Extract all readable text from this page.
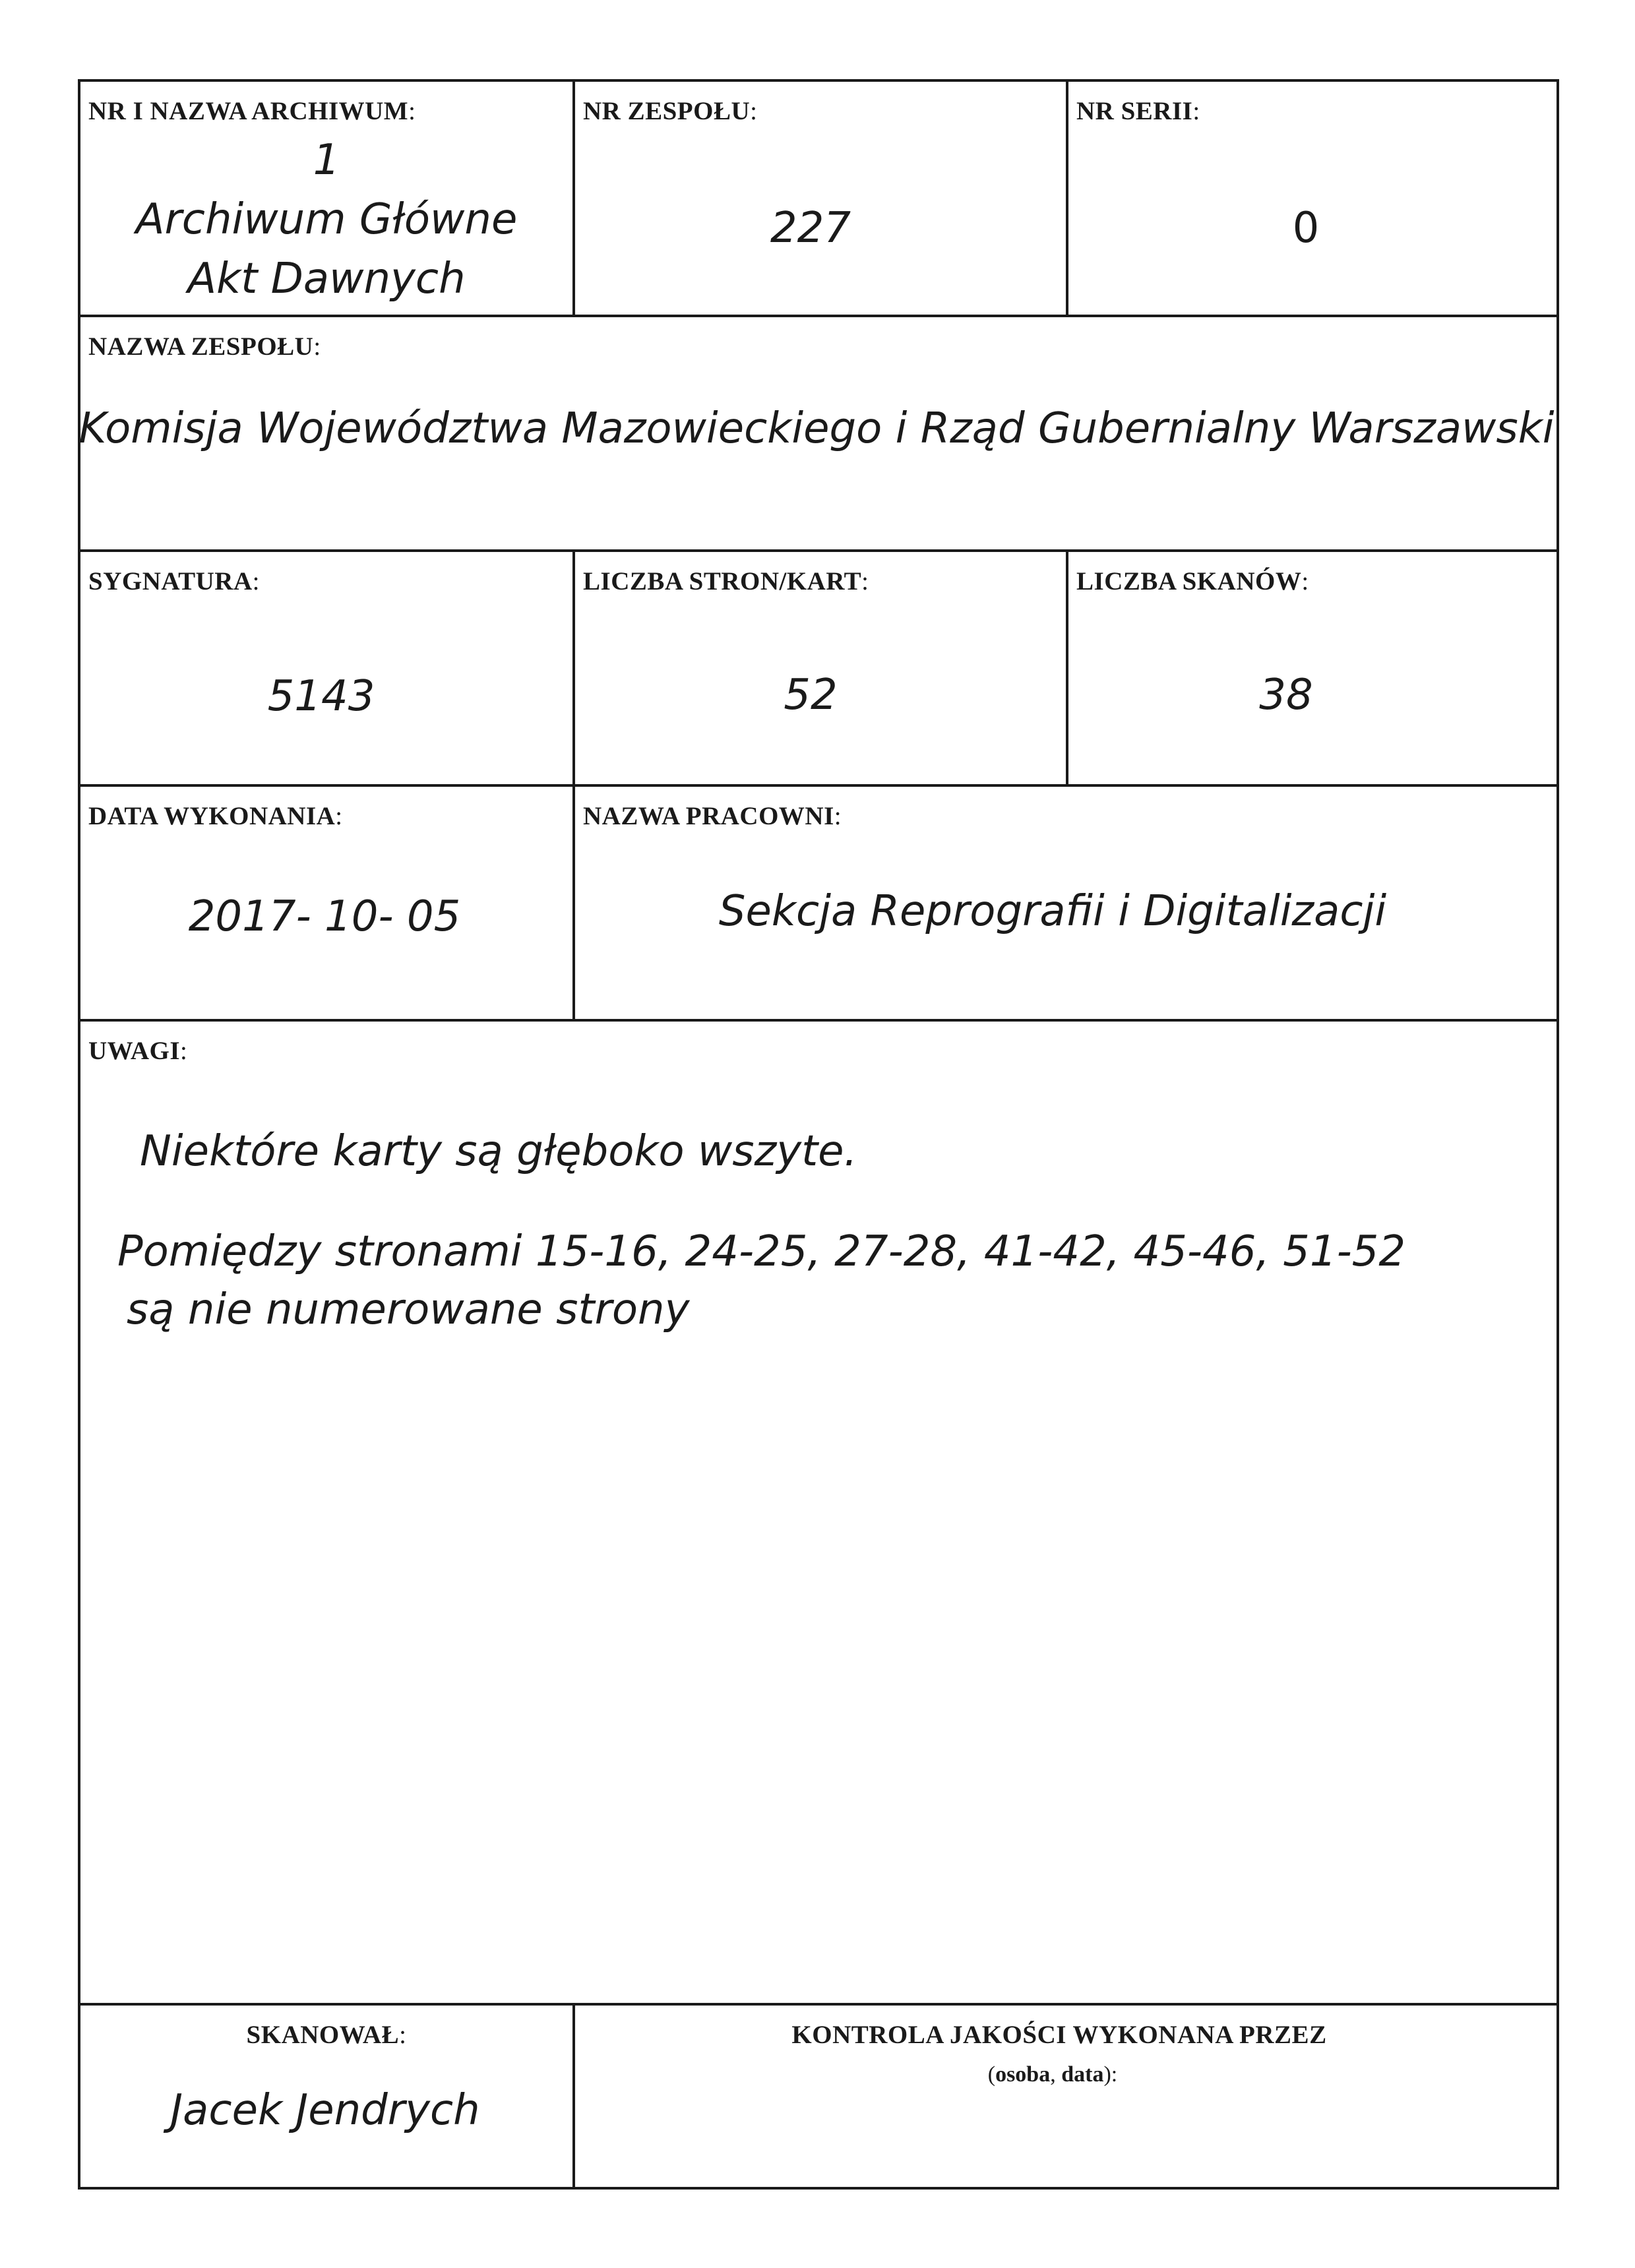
NR I NAZWA ARCHIWUM:
1
Archiwum Główne
Akt Dawnych
NR ZESPOŁU:
227
NR SERII:
0
NAZWA ZESPOŁU:
Komisja Województwa Mazowieckiego i Rząd Gubernialny Warszawski
SYGNATURA:
5143
LICZBA STRON/KART:
52
LICZBA SKANÓW:
38
DATA WYKONANIA:
2017- 10- 05
NAZWA PRACOWNI:
Sekcja Reprografii i Digitalizacji
UWAGI:
Niektóre karty są głęboko wszyte.
Pomiędzy stronami 15-16, 24-25, 27-28, 41-42, 45-46, 51-52
są nie numerowane strony
SKANOWAŁ:
Jacek Jendrych
KONTROLA JAKOŚCI WYKONANA PRZEZ
(osoba, data):
